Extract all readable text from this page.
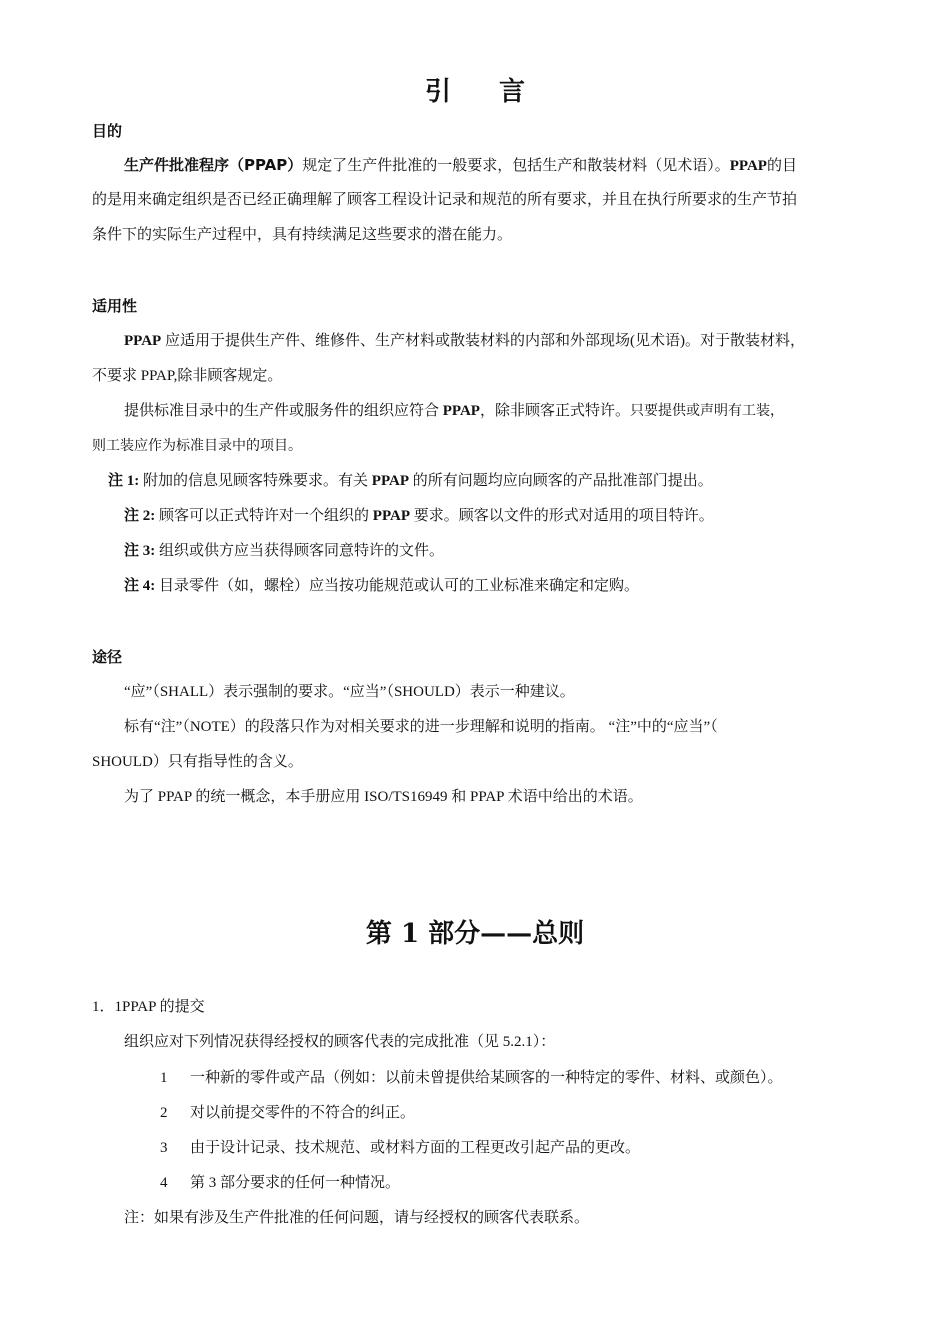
引言
目的
生产件批准程序（PPAP）规定了生产件批准的一般要求，包括生产和散装材料（见术语）。PPAP的目
的是用来确定组织是否已经正确理解了顾客工程设计记录和规范的所有要求，并且在执行所要求的生产节拍
条件下的实际生产过程中，具有持续满足这些要求的潜在能力。
适用性
PPAP 应适用于提供生产件、维修件、生产材料或散装材料的内部和外部现场(见术语)。对于散装材料，
不要求 PPAP,除非顾客规定。
提供标准目录中的生产件或服务件的组织应符合 PPAP，除非顾客正式特许。只要提供或声明有工装，
则工装应作为标准目录中的项目。
注 1: 附加的信息见顾客特殊要求。有关 PPAP 的所有问题均应向顾客的产品批准部门提出。
注 2: 顾客可以正式特许对一个组织的 PPAP 要求。顾客以文件的形式对适用的项目特许。
注 3: 组织或供方应当获得顾客同意特许的文件。
注 4: 目录零件（如，螺栓）应当按功能规范或认可的工业标准来确定和定购。
途径
“应”（SHALL）表示强制的要求。“应当”（SHOULD）表示一种建议。
标有“注”（NOTE）的段落只作为对相关要求的进一步理解和说明的指南。 “注”中的“应当”（
SHOULD）只有指导性的含义。
为了 PPAP 的统一概念，本手册应用 ISO/TS16949 和 PPAP 术语中给出的术语。
第 1 部分——总则
1．1PPAP 的提交
组织应对下列情况获得经授权的顾客代表的完成批准（见 5.2.1）：
1 一种新的零件或产品（例如：以前未曾提供给某顾客的一种特定的零件、材料、或颜色）。
2 对以前提交零件的不符合的纠正。
3 由于设计记录、技术规范、或材料方面的工程更改引起产品的更改。
4 第 3 部分要求的任何一种情况。
注：如果有涉及生产件批准的任何问题，请与经授权的顾客代表联系。
